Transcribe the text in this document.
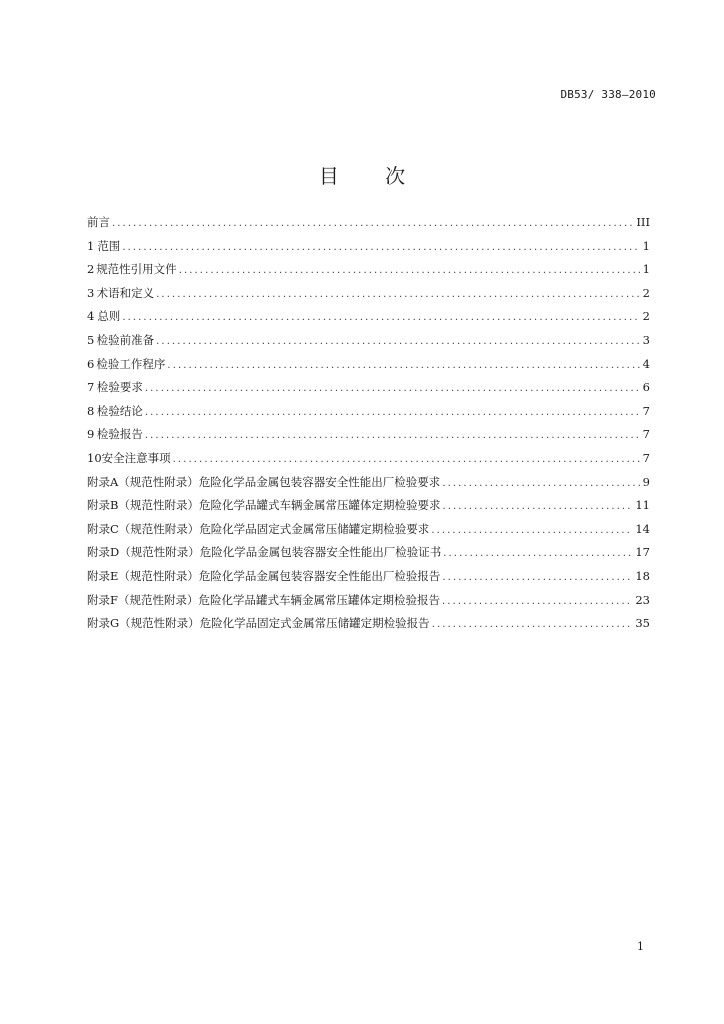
DB53/ 338—2010
目 次
前言 .....	III
1 范围 .....	1
2 规范性引用文件 .....	1
3 术语和定义 .....	2
4 总则 .....	2
5 检验前准备 .....	3
6 检验工作程序 .....	4
7 检验要求 .....	6
8 检验结论 .....	7
9 检验报告 .....	7
10 安全注意事项 .....	7
附录A（规范性附录） 危险化学品金属包装容器安全性能出厂检验要求 .....	9
附录B（规范性附录） 危险化学品罐式车辆金属常压罐体定期检验要求 .....	11
附录C（规范性附录） 危险化学品固定式金属常压储罐定期检验要求 .....	14
附录D（规范性附录） 危险化学品金属包装容器安全性能出厂检验证书 .....	17
附录E（规范性附录） 危险化学品金属包装容器安全性能出厂检验报告 .....	18
附录F（规范性附录） 危险化学品罐式车辆金属常压罐体定期检验报告 .....	23
附录G（规范性附录） 危险化学品固定式金属常压储罐定期检验报告 .....	35
1
